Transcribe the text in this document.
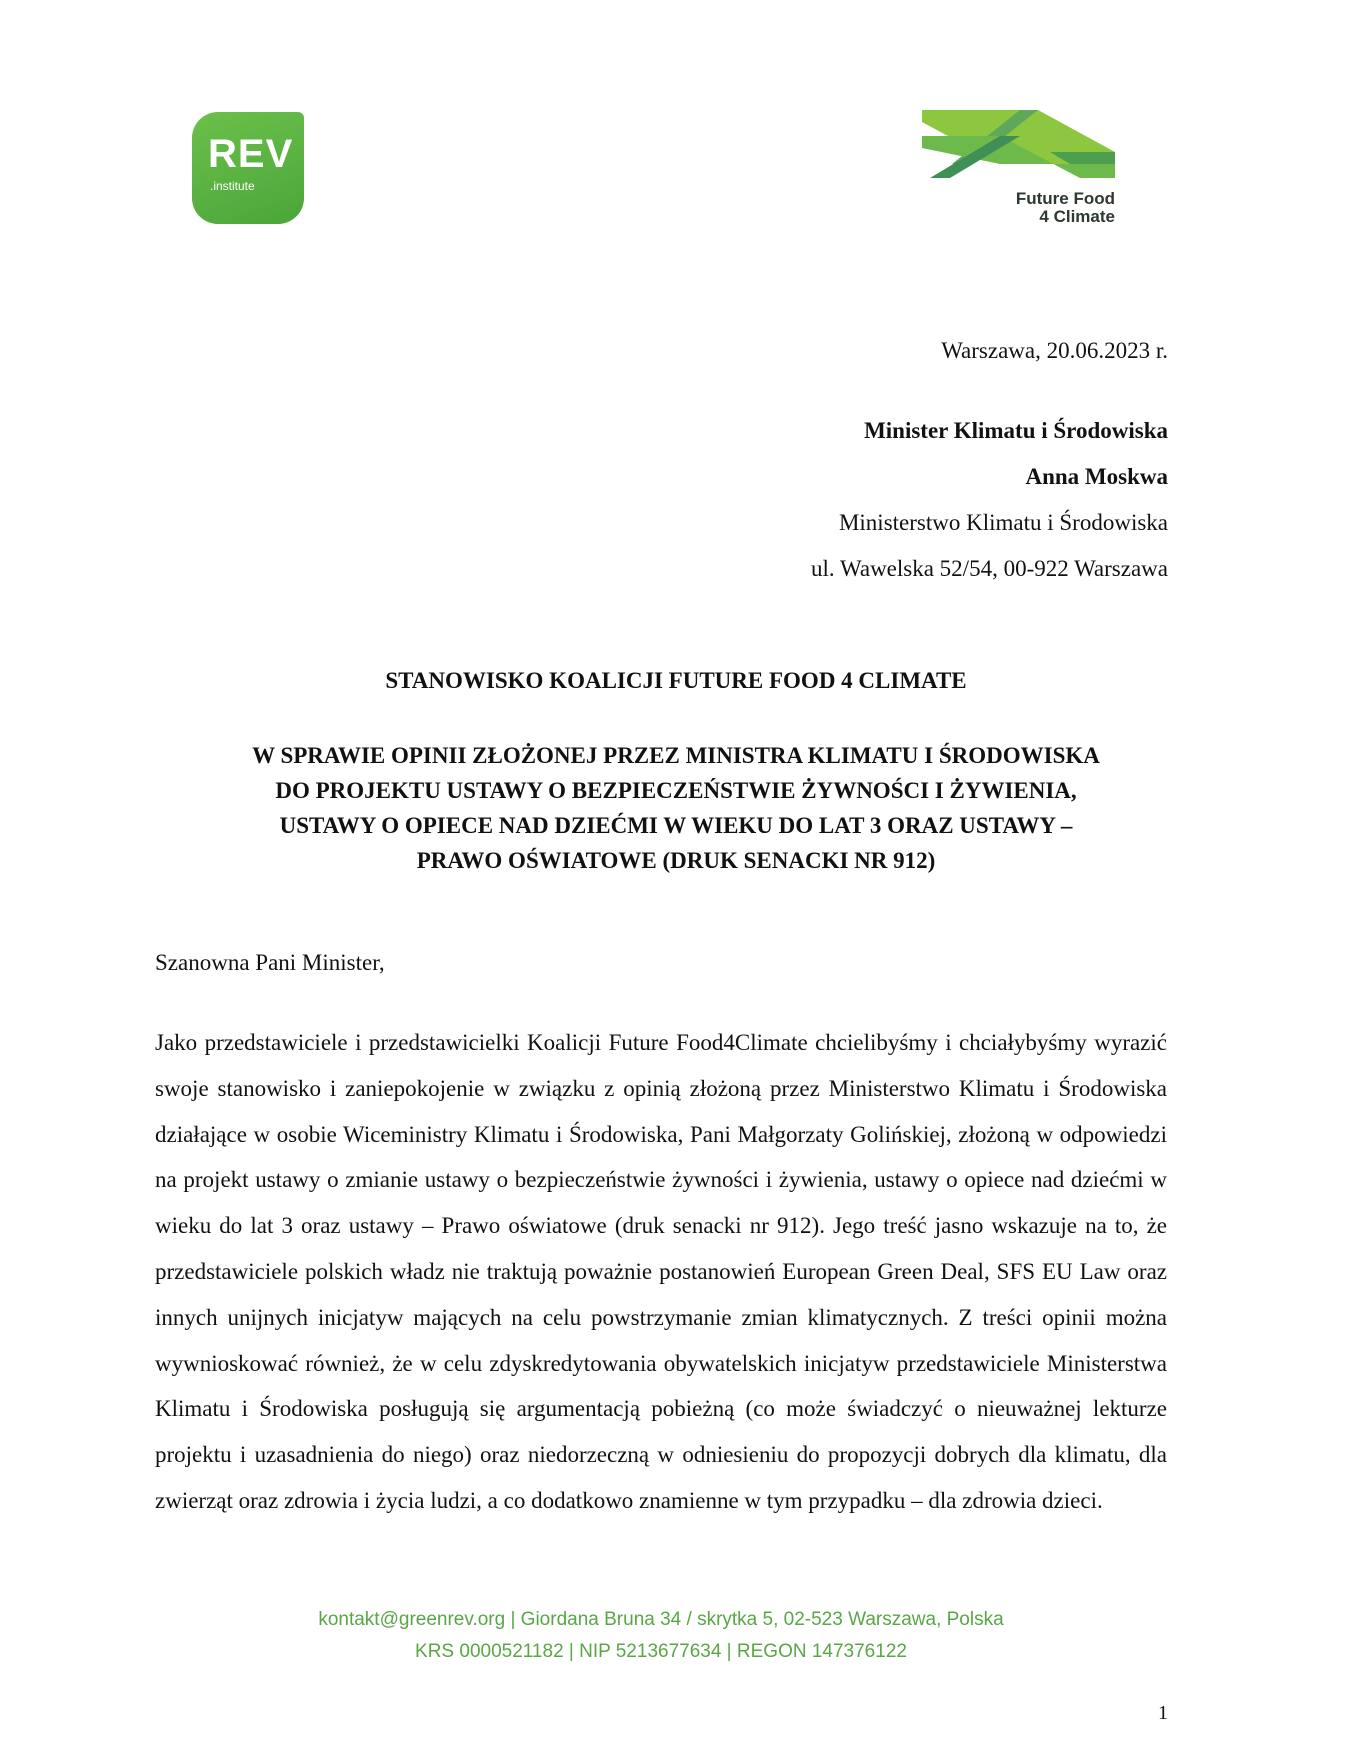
REV
.institute
Future Food
4 Climate
Warszawa, 20.06.2023 r.
Minister Klimatu i Środowiska
Anna Moskwa
Ministerstwo Klimatu i Środowiska
ul. Wawelska 52/54, 00-922 Warszawa
STANOWISKO KOALICJI FUTURE FOOD 4 CLIMATE
W SPRAWIE OPINII ZŁOŻONEJ PRZEZ MINISTRA KLIMATU I ŚRODOWISKA
DO PROJEKTU USTAWY O BEZPIECZEŃSTWIE ŻYWNOŚCI I ŻYWIENIA,
USTAWY O OPIECE NAD DZIEĆMI W WIEKU DO LAT 3 ORAZ USTAWY –
PRAWO OŚWIATOWE (DRUK SENACKI NR 912)
Szanowna Pani Minister,
Jako przedstawiciele i przedstawicielki Koalicji Future Food4Climate chcielibyśmy i chciałybyśmy wyrazić swoje stanowisko i zaniepokojenie w związku z opinią złożoną przez Ministerstwo Klimatu i Środowiska działające w osobie Wiceministry Klimatu i Środowiska, Pani Małgorzaty Golińskiej, złożoną w odpowiedzi na projekt ustawy o zmianie ustawy o bezpieczeństwie żywności i żywienia, ustawy o opiece nad dziećmi w wieku do lat 3 oraz ustawy – Prawo oświatowe (druk senacki nr 912). Jego treść jasno wskazuje na to, że przedstawiciele polskich władz nie traktują poważnie postanowień European Green Deal, SFS EU Law oraz innych unijnych inicjatyw mających na celu powstrzymanie zmian klimatycznych. Z treści opinii można wywnioskować również, że w celu zdyskredytowania obywatelskich inicjatyw przedstawiciele Ministerstwa Klimatu i Środowiska posługują się argumentacją pobieżną (co może świadczyć o nieuważnej lekturze projektu i uzasadnienia do niego) oraz niedorzeczną w odniesieniu do propozycji dobrych dla klimatu, dla zwierząt oraz zdrowia i życia ludzi, a co dodatkowo znamienne w tym przypadku – dla zdrowia dzieci.
kontakt@greenrev.org | Giordana Bruna 34 / skrytka 5, 02-523 Warszawa, Polska
KRS 0000521182 | NIP 5213677634 | REGON 147376122
1
